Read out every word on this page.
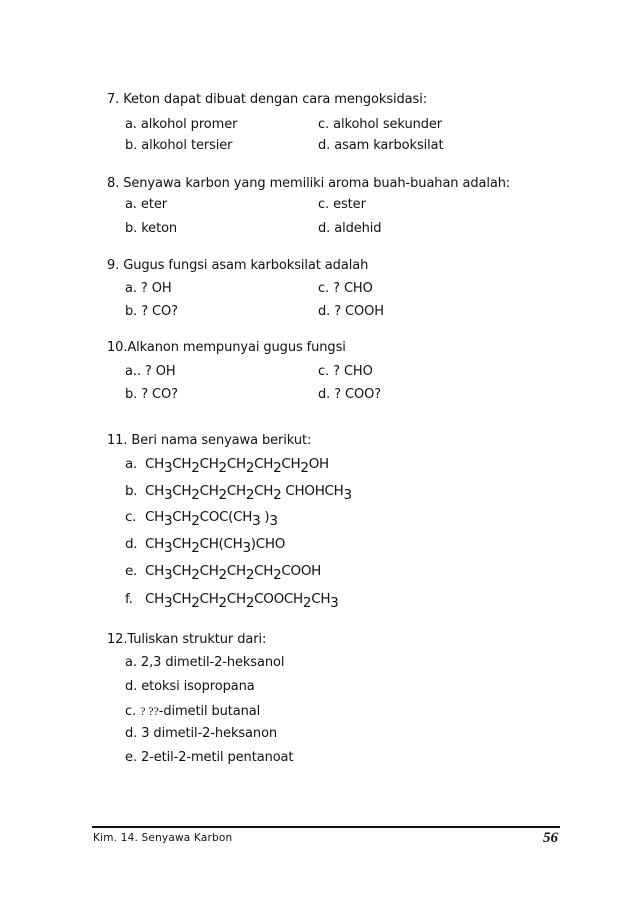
7. Keton dapat dibuat dengan cara mengoksidasi:
a. alkohol promer	c. alkohol sekunder
b. alkohol tersier	d. asam karboksilat
8. Senyawa karbon yang memiliki aroma buah-buahan adalah:
a. eter	c. ester
b. keton	d. aldehid
9. Gugus fungsi asam karboksilat adalah
a. ? OH	c. ? CHO
b. ? CO?	d. ? COOH
10.Alkanon mempunyai gugus fungsi
a.. ? OH	c. ? CHO
b. ? CO?	d. ? COO?
11. Beri nama senyawa berikut:
a. $CH_3CH_2CH_2CH_2CH_2CH_2OH$
b. $CH_3CH_2CH_2CH_2CH_2$ $CHOHCH_3$
c. $CH_3CH_2COC(CH_3$ )$_3$
d. $CH_3CH_2CH(CH_3)CHO$
e. $CH_3CH_2CH_2CH_2CH_2COOH$
f. $CH_3CH_2CH_2CH_2COOCH_2CH_3$
12.Tuliskan struktur dari:
a. 2,3 dimetil-2-heksanol
d. etoksi isopropana
c. ? ??-dimetil butanal
d. 3 dimetil-2-heksanon
e. 2-etil-2-metil pentanoat
Kim. 14. Senyawa Karbon	56
